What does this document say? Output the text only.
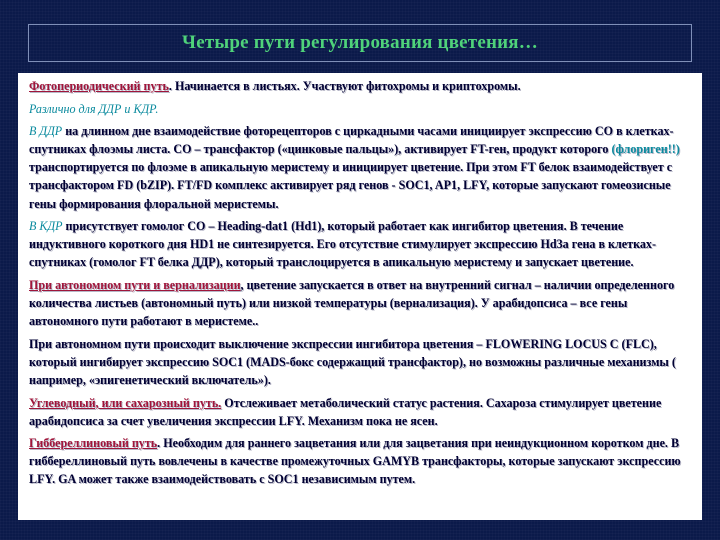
Четыре пути регулирования цветения…

Фотопериодический путь. Начинается в листьях. Участвуют фитохромы и криптохромы.

Различно для ДДР и КДР.

В ДДР на длинном дне взаимодействие фоторецепторов с циркадными часами инициирует экспрессию CO в клетках-спутниках флоэмы листа. CO – трансфактор («цинковые пальцы»), активирует FT-ген, продукт которого (флориген!!) транспортируется по флоэме в апикальную меристему и инициирует цветение. При этом FT белок взаимодействует с трансфактором FD (bZIP). FT/FD комплекс активирует ряд генов - SOC1, AP1, LFY, которые запускают гомеозисные гены формирования флоральной меристемы.

В КДР присутствует гомолог CO – Heading-dat1 (Hd1), который работает как ингибитор цветения. В течение индуктивного короткого дня HD1 не синтезируется. Его отсутствие стимулирует экспрессию Hd3a гена в клетках-спутниках (гомолог FT белка ДДР), который транслоцируется в апикальную меристему и запускает цветение.

При автономном пути и вернализации, цветение запускается в ответ на внутренний сигнал – наличии определенного количества листьев (автономный путь) или низкой температуры (вернализация). У арабидопсиса – все гены автономного пути работают в меристеме..

При автономном пути происходит выключение экспрессии ингибитора цветения – FLOWERING LOCUS C (FLC), который ингибирует экспрессию SOC1 (MADS-бокс содержащий трансфактор), но возможны различные механизмы ( например, «эпигенетический включатель»).

Углеводный, или сахарозный путь. Отслеживает метаболический статус растения. Сахароза стимулирует цветение арабидопсиса за счет увеличения экспрессии LFY. Механизм пока не ясен.

Гиббереллиновый путь. Необходим для раннего зацветания или для зацветания при неиндукционном коротком дне. В гиббереллиновый путь вовлечены в качестве промежуточных GAMYB трансфакторы, которые запускают экспрессию LFY. GA может также взаимодействовать с SOC1 независимым путем.
